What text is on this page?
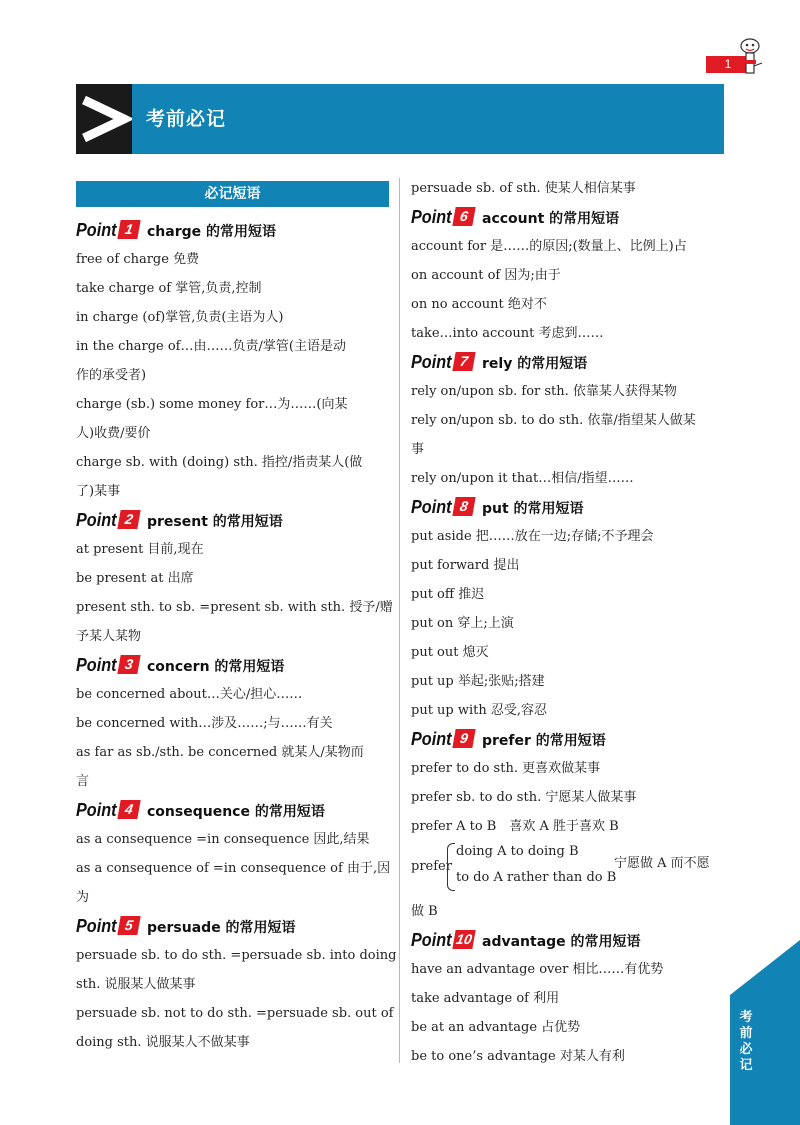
1
考前必记
必记短语
Point 1 charge 的常用短语
free of charge 免费
take charge of 掌管,负责,控制
in charge (of)掌管,负责(主语为人)
in the charge of…由……负责/掌管(主语是动
作的承受者)
charge (sb.) some money for…为……(向某
人)收费/要价
charge sb. with (doing) sth. 指控/指责某人(做
了)某事
Point 2 present 的常用短语
at present 目前,现在
be present at 出席
present sth. to sb. =present sb. with sth. 授予/赠
予某人某物
Point 3 concern 的常用短语
be concerned about…关心/担心……
be concerned with…涉及……;与……有关
as far as sb./sth. be concerned 就某人/某物而
言
Point 4 consequence 的常用短语
as a consequence =in consequence 因此,结果
as a consequence of =in consequence of 由于,因
为
Point 5 persuade 的常用短语
persuade sb. to do sth. =persuade sb. into doing
sth. 说服某人做某事
persuade sb. not to do sth. =persuade sb. out of
doing sth. 说服某人不做某事
persuade sb. of sth. 使某人相信某事
Point 6 account 的常用短语
account for 是……的原因;(数量上、比例上)占
on account of 因为;由于
on no account 绝对不
take…into account 考虑到……
Point 7 rely 的常用短语
rely on/upon sb. for sth. 依靠某人获得某物
rely on/upon sb. to do sth. 依靠/指望某人做某
事
rely on/upon it that…相信/指望……
Point 8 put 的常用短语
put aside 把……放在一边;存储;不予理会
put forward 提出
put off 推迟
put on 穿上;上演
put out 熄灭
put up 举起;张贴;搭建
put up with 忍受,容忍
Point 9 prefer 的常用短语
prefer to do sth. 更喜欢做某事
prefer sb. to do sth. 宁愿某人做某事
prefer A to B　喜欢 A 胜于喜欢 B
prefer
doing A to doing B
to do A rather than do B
宁愿做 A 而不愿
做 B
Point 10 advantage 的常用短语
have an advantage over 相比……有优势
take advantage of 利用
be at an advantage 占优势
be to one’s advantage 对某人有利
考前必记
